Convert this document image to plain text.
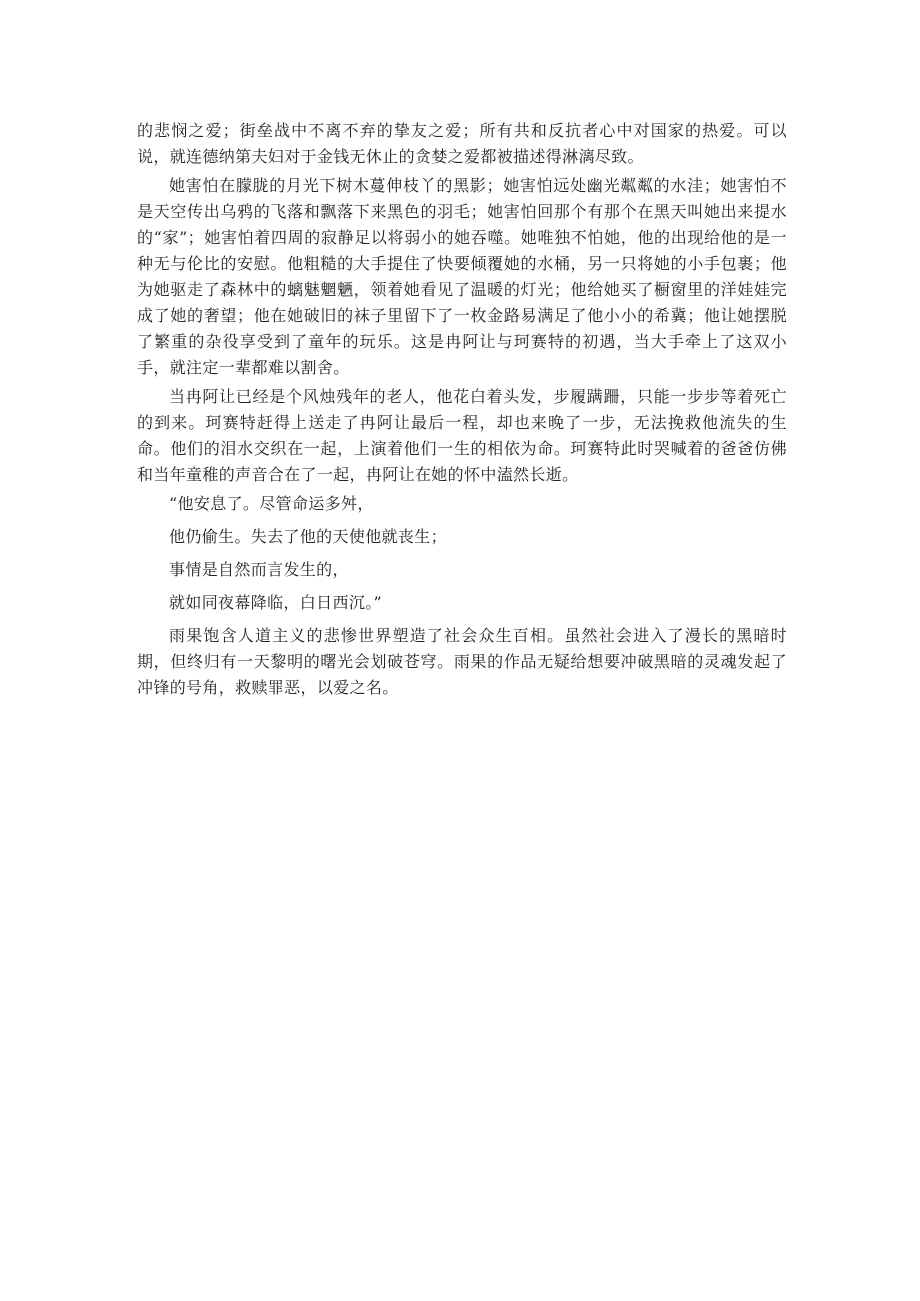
的悲悯之爱；街垒战中不离不弃的挚友之爱；所有共和反抗者心中对国家的热爱。可以说，就连德纳第夫妇对于金钱无休止的贪婪之爱都被描述得淋漓尽致。

她害怕在朦胧的月光下树木蔓伸枝丫的黑影；她害怕远处幽光粼粼的水洼；她害怕不是天空传出乌鸦的飞落和飘落下来黑色的羽毛；她害怕回那个有那个在黑天叫她出来提水的“家”；她害怕着四周的寂静足以将弱小的她吞噬。她唯独不怕她，他的出现给他的是一种无与伦比的安慰。他粗糙的大手提住了快要倾覆她的水桶，另一只将她的小手包裹；他为她驱走了森林中的螭魅魍魉，领着她看见了温暖的灯光；他给她买了橱窗里的洋娃娃完成了她的奢望；他在她破旧的袜子里留下了一枚金路易满足了他小小的希冀；他让她摆脱了繁重的杂役享受到了童年的玩乐。这是冉阿让与珂赛特的初遇，当大手牵上了这双小手，就注定一辈都难以割舍。

当冉阿让已经是个风烛残年的老人，他花白着头发，步履蹒跚，只能一步步等着死亡的到来。珂赛特赶得上送走了冉阿让最后一程，却也来晚了一步，无法挽救他流失的生命。他们的泪水交织在一起，上演着他们一生的相依为命。珂赛特此时哭喊着的爸爸仿佛和当年童稚的声音合在了一起，冉阿让在她的怀中溘然长逝。

“他安息了。尽管命运多舛，

他仍偷生。失去了他的天使他就丧生；

事情是自然而言发生的，

就如同夜幕降临，白日西沉。”

雨果饱含人道主义的悲惨世界塑造了社会众生百相。虽然社会进入了漫长的黑暗时期，但终归有一天黎明的曙光会划破苍穹。雨果的作品无疑给想要冲破黑暗的灵魂发起了冲锋的号角，救赎罪恶，以爱之名。
